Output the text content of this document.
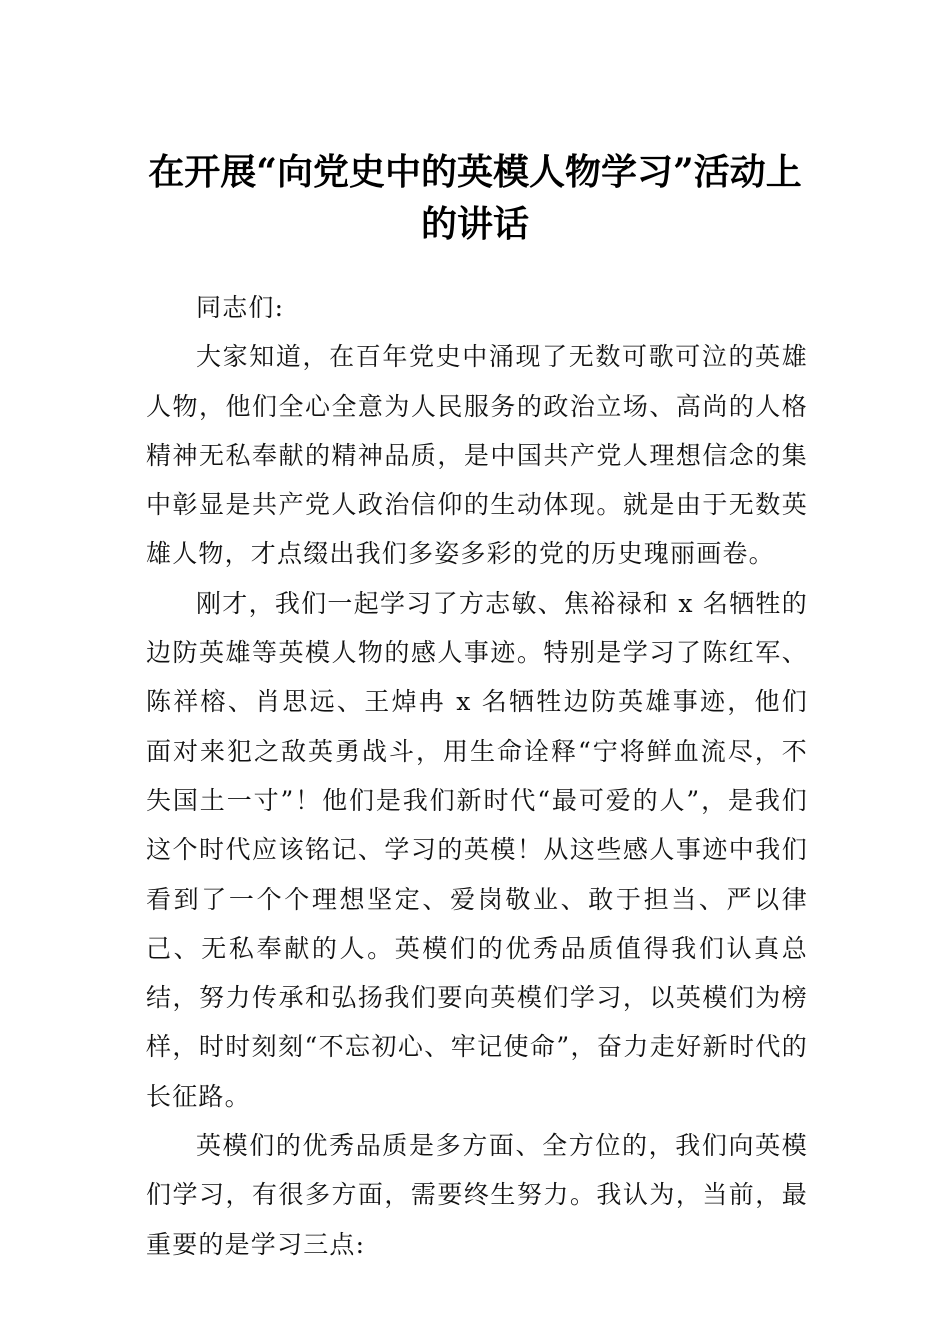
在开展“向党史中的英模人物学习”活动上的讲话

同志们:

大家知道，在百年党史中涌现了无数可歌可泣的英雄人物，他们全心全意为人民服务的政治立场、高尚的人格精神无私奉献的精神品质，是中国共产党人理想信念的集中彰显是共产党人政治信仰的生动体现。就是由于无数英雄人物，才点缀出我们多姿多彩的党的历史瑰丽画卷。

刚才，我们一起学习了方志敏、焦裕禄和 x 名牺牲的边防英雄等英模人物的感人事迹。特别是学习了陈红军、陈祥榕、肖思远、王焯冉 x 名牺牲边防英雄事迹，他们面对来犯之敌英勇战斗，用生命诠释“宁将鲜血流尽，不失国土一寸”！他们是我们新时代“最可爱的人”，是我们这个时代应该铭记、学习的英模！从这些感人事迹中我们看到了一个个理想坚定、爱岗敬业、敢于担当、严以律己、无私奉献的人。英模们的优秀品质值得我们认真总结，努力传承和弘扬我们要向英模们学习，以英模们为榜样，时时刻刻“不忘初心、牢记使命”，奋力走好新时代的长征路。

英模们的优秀品质是多方面、全方位的，我们向英模们学习，有很多方面，需要终生努力。我认为，当前，最重要的是学习三点:
